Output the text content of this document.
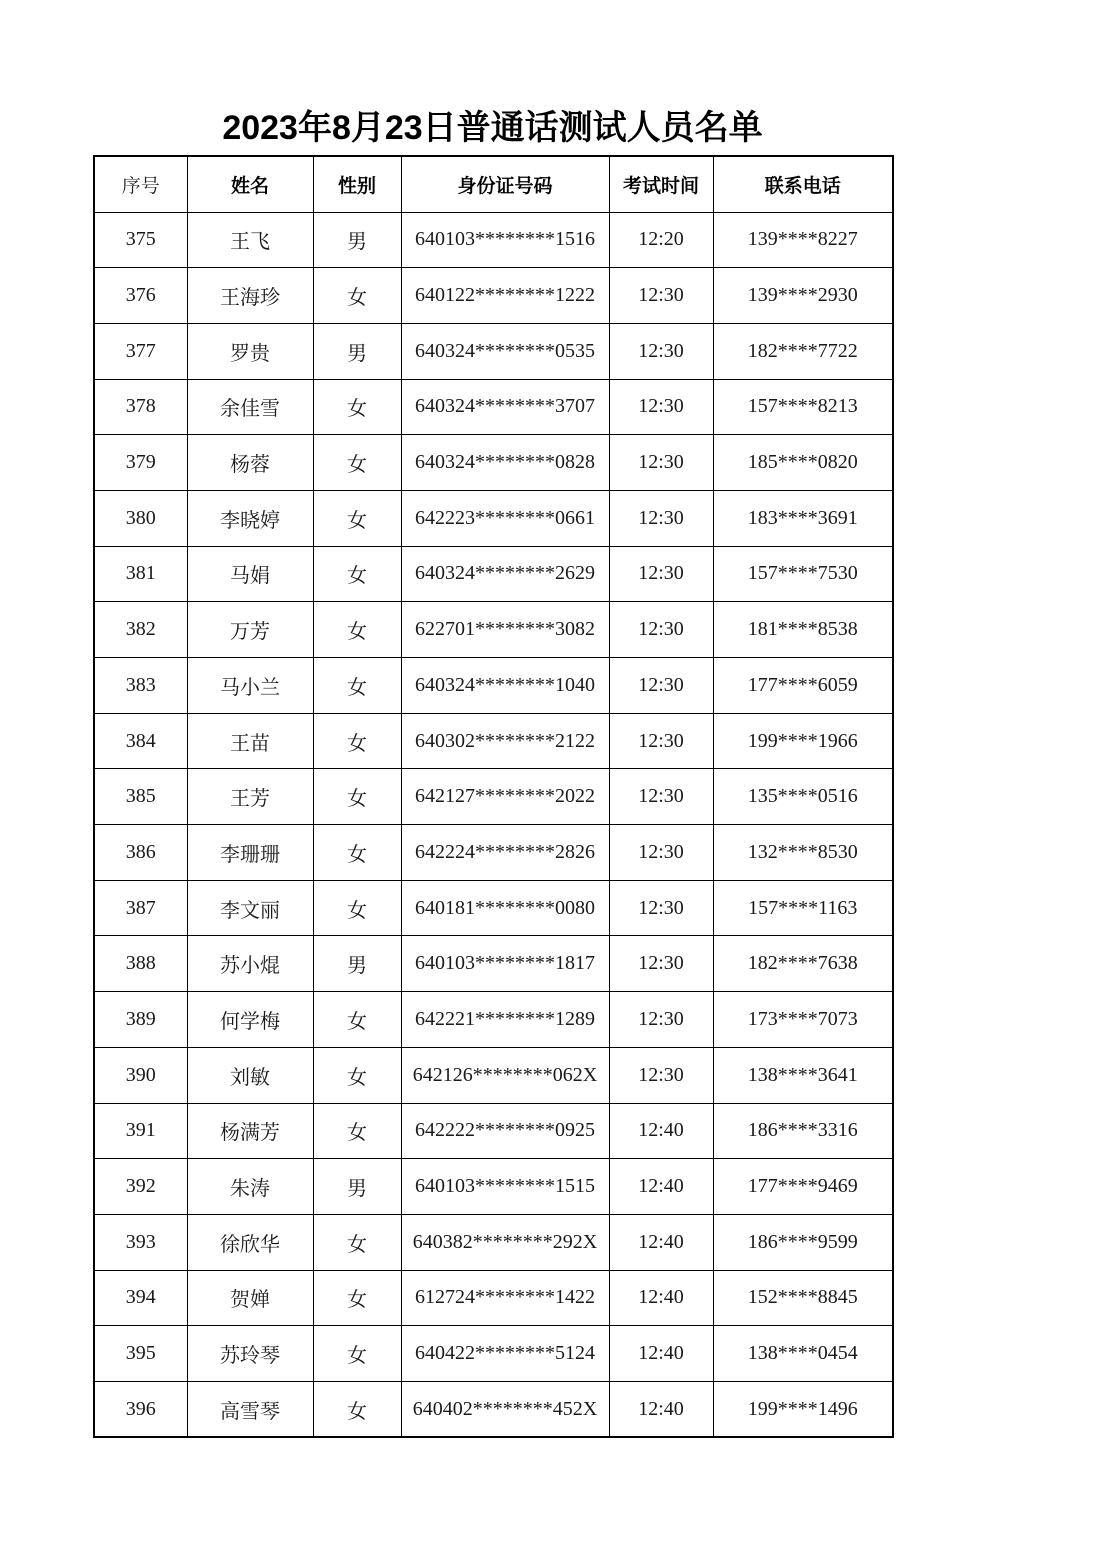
2023年8月23日普通话测试人员名单
序号	姓名	性别	身份证号码	考试时间	联系电话
375	王飞	男	640103********1516	12:20	139****8227
376	王海珍	女	640122********1222	12:30	139****2930
377	罗贵	男	640324********0535	12:30	182****7722
378	余佳雪	女	640324********3707	12:30	157****8213
379	杨蓉	女	640324********0828	12:30	185****0820
380	李晓婷	女	642223********0661	12:30	183****3691
381	马娟	女	640324********2629	12:30	157****7530
382	万芳	女	622701********3082	12:30	181****8538
383	马小兰	女	640324********1040	12:30	177****6059
384	王苗	女	640302********2122	12:30	199****1966
385	王芳	女	642127********2022	12:30	135****0516
386	李珊珊	女	642224********2826	12:30	132****8530
387	李文丽	女	640181********0080	12:30	157****1163
388	苏小焜	男	640103********1817	12:30	182****7638
389	何学梅	女	642221********1289	12:30	173****7073
390	刘敏	女	642126********062X	12:30	138****3641
391	杨满芳	女	642222********0925	12:40	186****3316
392	朱涛	男	640103********1515	12:40	177****9469
393	徐欣华	女	640382********292X	12:40	186****9599
394	贺婵	女	612724********1422	12:40	152****8845
395	苏玲琴	女	640422********5124	12:40	138****0454
396	高雪琴	女	640402********452X	12:40	199****1496
